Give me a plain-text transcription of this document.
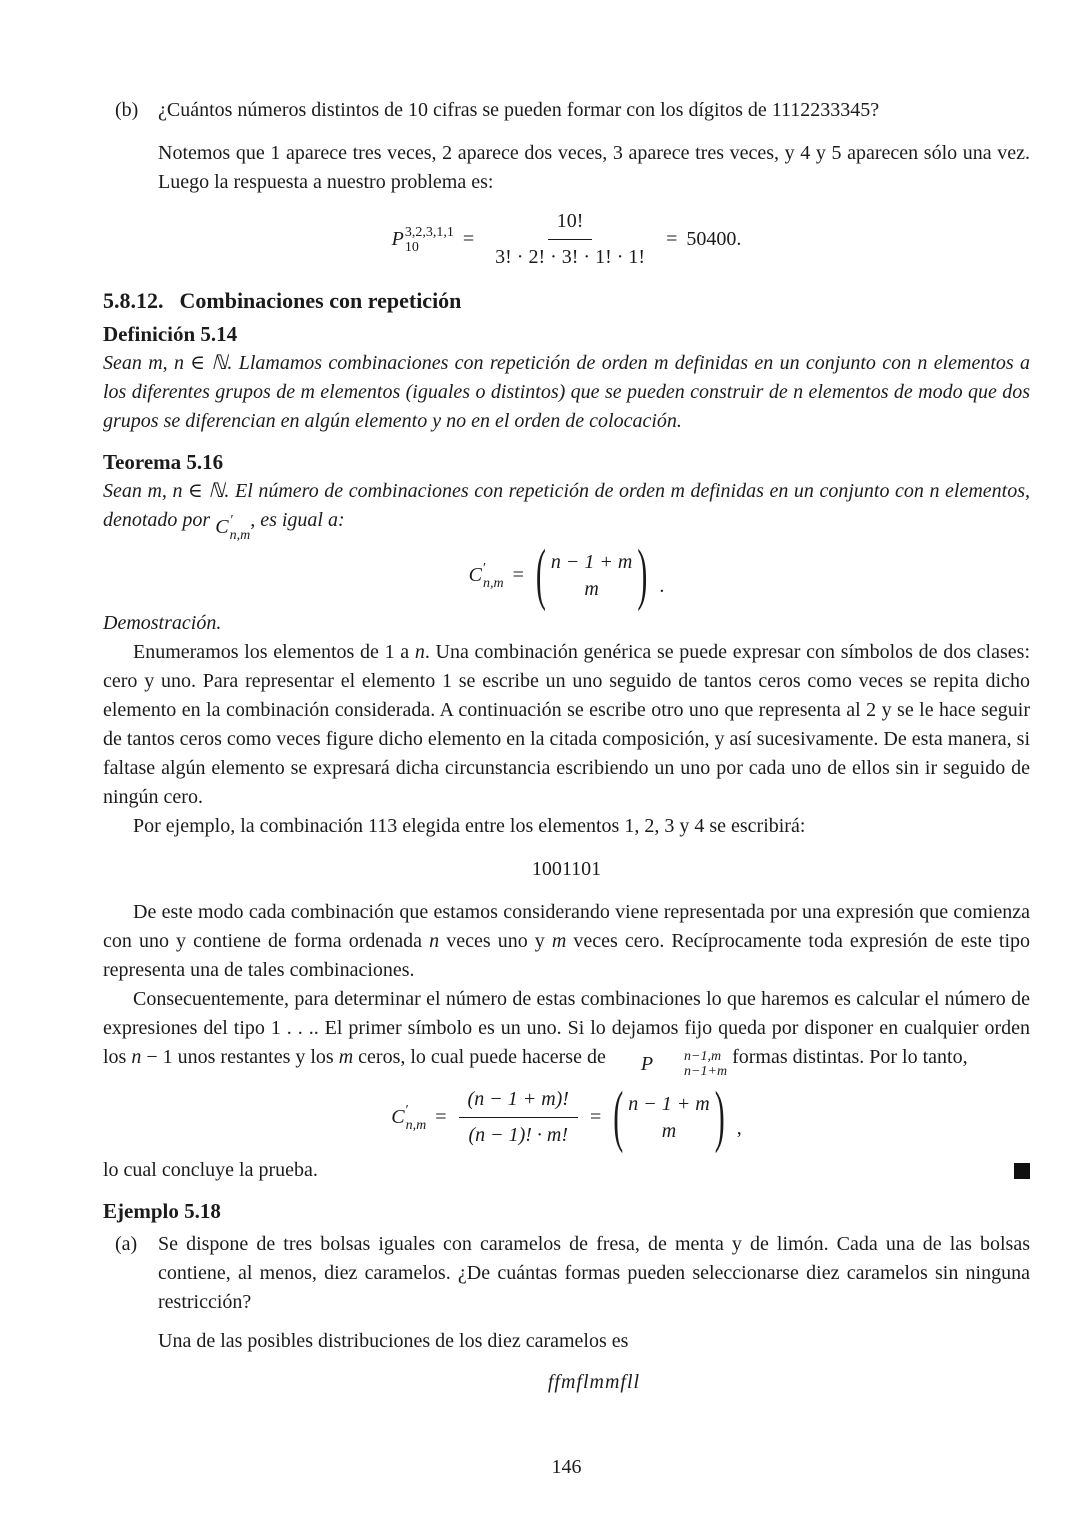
(b) ¿Cuántos números distintos de 10 cifras se pueden formar con los dígitos de 1112233345?

Notemos que 1 aparece tres veces, 2 aparece dos veces, 3 aparece tres veces, y 4 y 5 aparecen sólo una vez. Luego la respuesta a nuestro problema es:

P 3,2,3,1,1
10	= $\frac{10!}{3! \cdot 2! \cdot 3! \cdot 1! \cdot 1!} = 50400$.
5.8.12. Combinaciones con repetición
Definición 5.14

Sean m, n ∈ ℕ. Llamamos combinaciones con repetición de orden m definidas en un conjunto con n elementos a los diferentes grupos de m elementos (iguales o distintos) que se pueden construir de n elementos de modo que dos grupos se diferencian en algún elemento y no en el orden de colocación.

Teorema 5.16

Sean m, n ∈ ℕ. El número de combinaciones con repetición de orden m definidas en un conjunto con n elementos, denotado por C ′
n,m
, es igual a:

C ′
n,m = ( n − 1 + m
m ) .
Demostración.

Enumeramos los elementos de 1 a n. Una combinación genérica se puede expresar con símbolos de dos clases: cero y uno. Para representar el elemento 1 se escribe un uno seguido de tantos ceros como veces se repita dicho elemento en la combinación considerada. A continuación se escribe otro uno que representa al 2 y se le hace seguir de tantos ceros como veces figure dicho elemento en la citada composición, y así sucesivamente. De esta manera, si faltase algún elemento se expresará dicha circunstancia escribiendo un uno por cada uno de ellos sin ir seguido de ningún cero.

Por ejemplo, la combinación 113 elegida entre los elementos 1, 2, 3 y 4 se escribirá:

1001101

De este modo cada combinación que estamos considerando viene representada por una expresión que comienza con uno y contiene de forma ordenada n veces uno y m veces cero. Recíprocamente toda expresión de este tipo representa una de tales combinaciones.

Consecuentemente, para determinar el número de estas combinaciones lo que haremos es calcular el número de expresiones del tipo 1 . . .. El primer símbolo es un uno. Si lo dejamos fijo queda por disponer en cualquier orden los n − 1 unos restantes y los m ceros, lo cual puede hacerse de	P	n−1,m
n−1+m
formas distintas. Por lo tanto,

C ′
$n,m = \frac{(n - 1 + m)!}{(n - 1)! \cdot m!}$ = ( n − 1 + m
m ) ,
lo cual concluye la prueba.
Ejemplo 5.18
(a)	Se dispone de tres bolsas iguales con caramelos de fresa, de menta y de limón. Cada una de las bolsas contiene, al menos, diez caramelos. ¿De cuántas formas pueden seleccionarse diez caramelos sin ninguna restricción?

Una de las posibles distribuciones de los diez caramelos es

ffmflmmfll

146
